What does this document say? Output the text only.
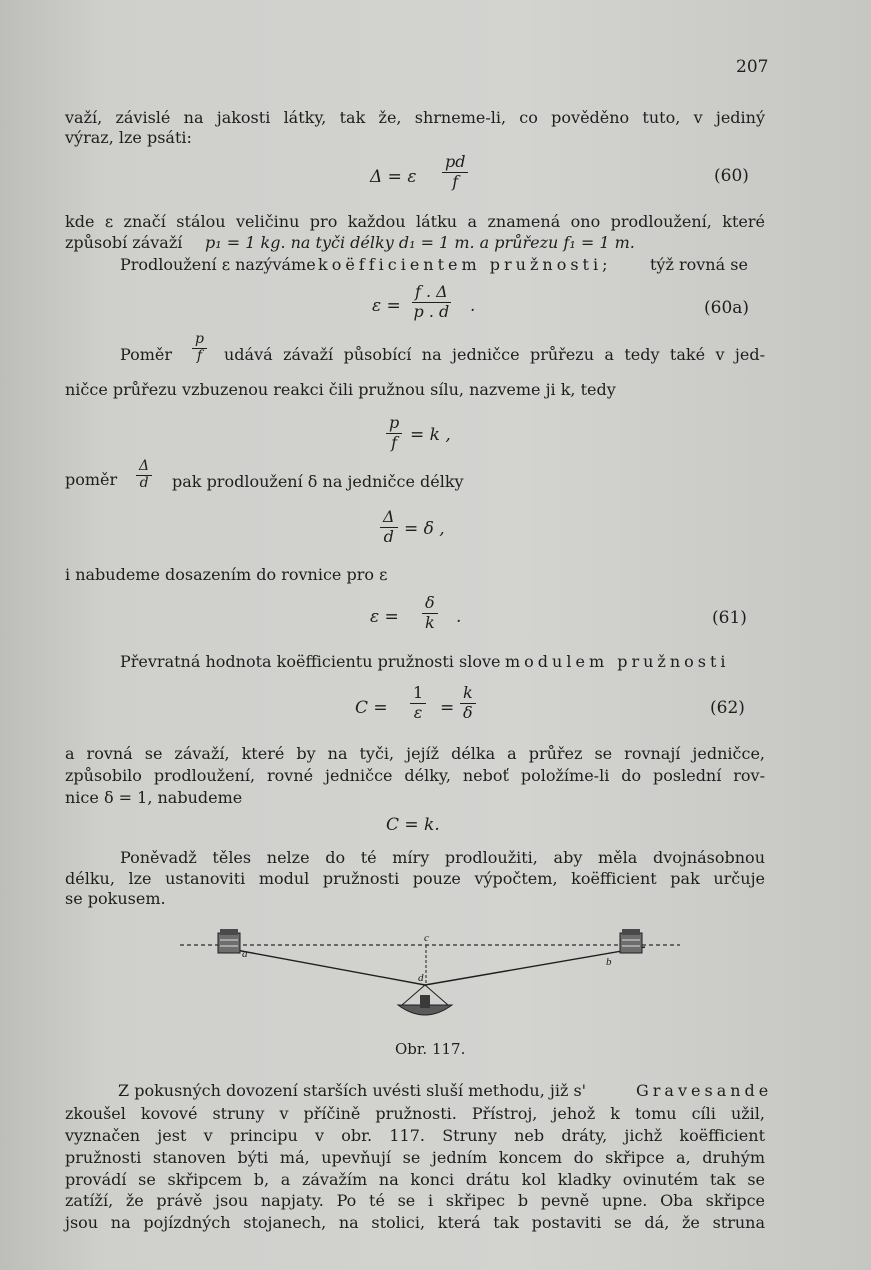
207
važí, závislé na jakosti látky, tak že, shrneme-li, co pověděno tuto, v jediný
výraz, lze psáti:
Δ = ε $\frac{pd}{f}$	(60)
kde ε značí stálou veličinu pro každou látku a znamená ono prodloužení, které
způsobí závaží p₁ = 1 kg. na tyči délky d₁ = 1 m. a průřezu f₁ = 1 m.
Prodloužení ε nazýváme koëfficientem pružnosti; týž rovná se
$\varepsilon = \frac{f . \Delta}{p . d}$ .	(60a)
Poměr $\frac{p}{f}$ udává závaží působící na jedničce průřezu a tedy také v jed-
ničce průřezu vzbuzenou reakci čili pružnou sílu, nazveme ji k, tedy
$\frac{p}{f} = k$ ,
poměr $\frac{\Delta}{d}$ pak prodloužení δ na jedničce délky
$\frac{\Delta}{d} = \delta$ ,
i nabudeme dosazením do rovnice pro ε
$\varepsilon = \frac{\delta}{k}$ .	(61)
Převratná hodnota koëfficientu pružnosti slove modulem pružnosti
$C = \frac{1}{\varepsilon} = \frac{k}{\delta}$	(62)
a rovná se závaží, které by na tyči, jejíž délka a průřez se rovnají jedničce,
způsobilo prodloužení, rovné jedničce délky, neboť položíme-li do poslední rov-
nice δ = 1, nabudeme
C = k.
Poněvadž těles nelze do té míry prodloužiti, aby měla dvojnásobnou
délku, lze ustanoviti modul pružnosti pouze výpočtem, koëfficient pak určuje
se pokusem.
a
b
c
d
Obr. 117.
Z pokusných dovození starších uvésti sluší methodu, již s'	Gravesande
zkoušel kovové struny v příčině pružnosti. Přístroj, jehož k tomu cíli užil,
vyznačen jest v principu v obr. 117. Struny neb dráty, jichž koëfficient
pružnosti stanoven býti má, upevňují se jedním koncem do skřipce a, druhým
provádí se skřipcem b, a závažím na konci drátu kol kladky ovinutém tak se
zatíží, že právě jsou napjaty. Po té se i skřipec b pevně upne. Oba skřipce
jsou na pojízdných stojanech, na stolici, která tak postaviti se dá, že struna
